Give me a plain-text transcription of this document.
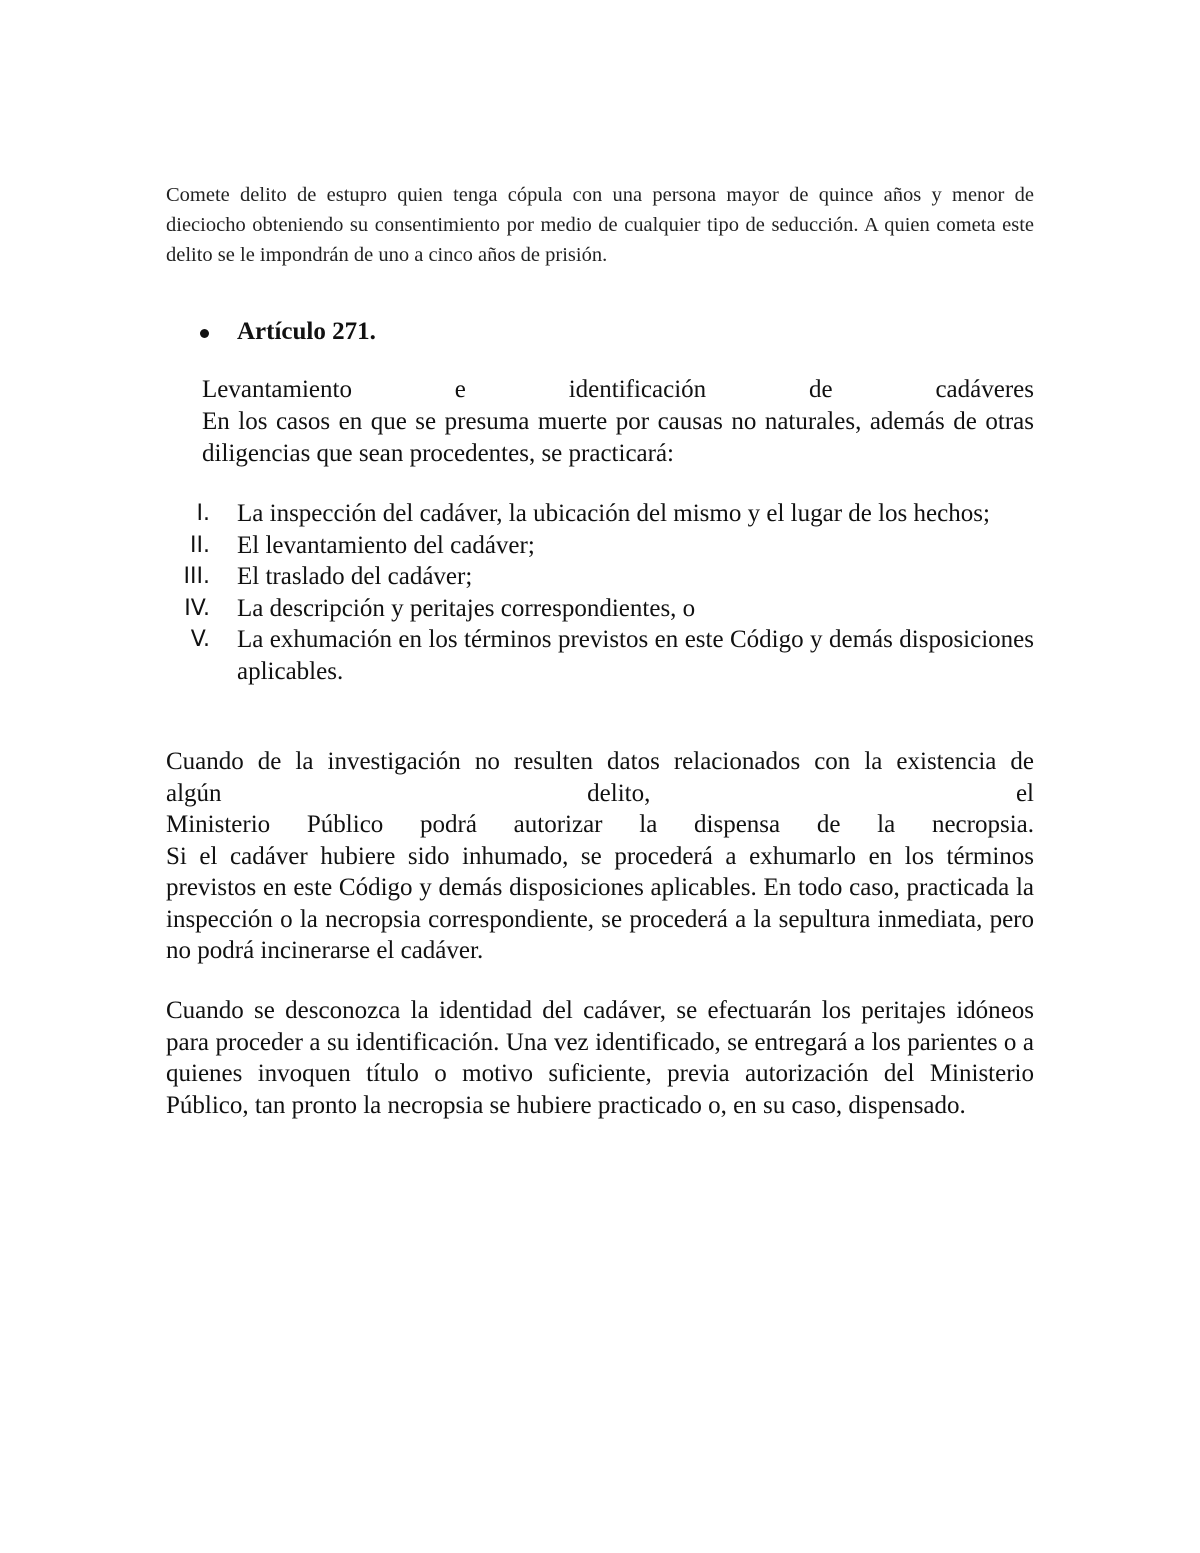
Comete delito de estupro quien tenga cópula con una persona mayor de quince años y menor de dieciocho obteniendo su consentimiento por medio de cualquier tipo de seducción. A quien cometa este delito se le impondrán de uno a cinco años de prisión.

Artículo 271.
Levantamiento	e	identificación	de	cadáveres

En los casos en que se presuma muerte por causas no naturales, además de otras diligencias que sean procedentes, se practicará:

I.	La inspección del cadáver, la ubicación del mismo y el lugar de los hechos;
II.	El levantamiento del cadáver;
III.	El traslado del cadáver;
IV.	La descripción y peritajes correspondientes, o
V.	La exhumación en los términos previstos en este Código y demás disposiciones aplicables.
Cuando de la investigación no resulten datos relacionados con la existencia de
algún	delito,	el
Ministerio Público podrá autorizar la dispensa de la necropsia.
Si el cadáver hubiere sido inhumado, se procederá a exhumarlo en los términos previstos en este Código y demás disposiciones aplicables. En todo caso, practicada la inspección o la necropsia correspondiente, se procederá a la sepultura inmediata, pero no podrá incinerarse el cadáver.

Cuando se desconozca la identidad del cadáver, se efectuarán los peritajes idóneos para proceder a su identificación. Una vez identificado, se entregará a los parientes o a quienes invoquen título o motivo suficiente, previa autorización del Ministerio Público, tan pronto la necropsia se hubiere practicado o, en su caso, dispensado.
